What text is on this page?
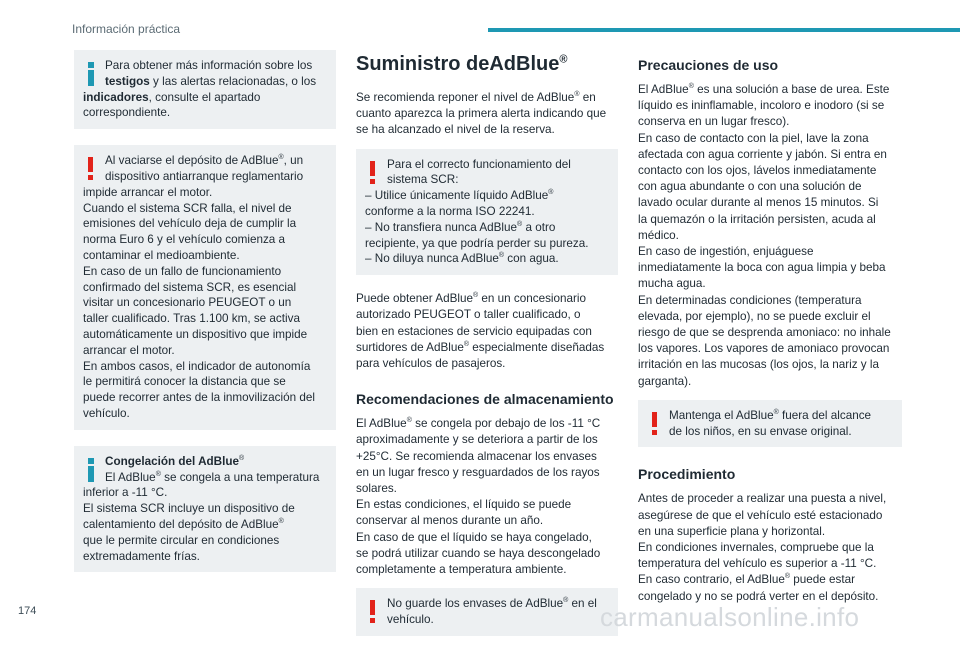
Información práctica

Para obtener más información sobre los
testigos y las alertas relacionadas, o los
indicadores, consulte el apartado
correspondiente.

Al vaciarse el depósito de AdBlue®, un
dispositivo antiarranque reglamentario
impide arrancar el motor.
Cuando el sistema SCR falla, el nivel de
emisiones del vehículo deja de cumplir la
norma Euro 6 y el vehículo comienza a
contaminar el medioambiente.
En caso de un fallo de funcionamiento
confirmado del sistema SCR, es esencial
visitar un concesionario PEUGEOT o un
taller cualificado. Tras 1.100 km, se activa
automáticamente un dispositivo que impide
arrancar el motor.
En ambos casos, el indicador de autonomía
le permitirá conocer la distancia que se
puede recorrer antes de la inmovilización del
vehículo.

Congelación del AdBlue®
El AdBlue® se congela a una temperatura
inferior a -11 °C.
El sistema SCR incluye un dispositivo de
calentamiento del depósito de AdBlue®
que le permite circular en condiciones
extremadamente frías.

Suministro deAdBlue®

Se recomienda reponer el nivel de AdBlue® en
cuanto aparezca la primera alerta indicando que
se ha alcanzado el nivel de la reserva.

Para el correcto funcionamiento del
sistema SCR:
– Utilice únicamente líquido AdBlue®
conforme a la norma ISO 22241.
– No transfiera nunca AdBlue® a otro
recipiente, ya que podría perder su pureza.
– No diluya nunca AdBlue® con agua.

Puede obtener AdBlue® en un concesionario
autorizado PEUGEOT o taller cualificado, o
bien en estaciones de servicio equipadas con
surtidores de AdBlue® especialmente diseñadas
para vehículos de pasajeros.

Recomendaciones de almacenamiento

El AdBlue® se congela por debajo de los -11 °C
aproximadamente y se deteriora a partir de los
+25°C. Se recomienda almacenar los envases
en un lugar fresco y resguardados de los rayos
solares.
En estas condiciones, el líquido se puede
conservar al menos durante un año.
En caso de que el líquido se haya congelado,
se podrá utilizar cuando se haya descongelado
completamente a temperatura ambiente.

No guarde los envases de AdBlue® en el
vehículo.

Precauciones de uso

El AdBlue® es una solución a base de urea. Este
líquido es ininflamable, incoloro e inodoro (si se
conserva en un lugar fresco).
En caso de contacto con la piel, lave la zona
afectada con agua corriente y jabón. Si entra en
contacto con los ojos, lávelos inmediatamente
con agua abundante o con una solución de
lavado ocular durante al menos 15 minutos. Si
la quemazón o la irritación persisten, acuda al
médico.
En caso de ingestión, enjuáguese
inmediatamente la boca con agua limpia y beba
mucha agua.
En determinadas condiciones (temperatura
elevada, por ejemplo), no se puede excluir el
riesgo de que se desprenda amoniaco: no inhale
los vapores. Los vapores de amoniaco provocan
irritación en las mucosas (los ojos, la nariz y la
garganta).

Mantenga el AdBlue® fuera del alcance
de los niños, en su envase original.

Procedimiento

Antes de proceder a realizar una puesta a nivel,
asegúrese de que el vehículo esté estacionado
en una superficie plana y horizontal.
En condiciones invernales, compruebe que la
temperatura del vehículo es superior a -11 °C.
En caso contrario, el AdBlue® puede estar
congelado y no se podrá verter en el depósito.

174	carmanualsonline.info
